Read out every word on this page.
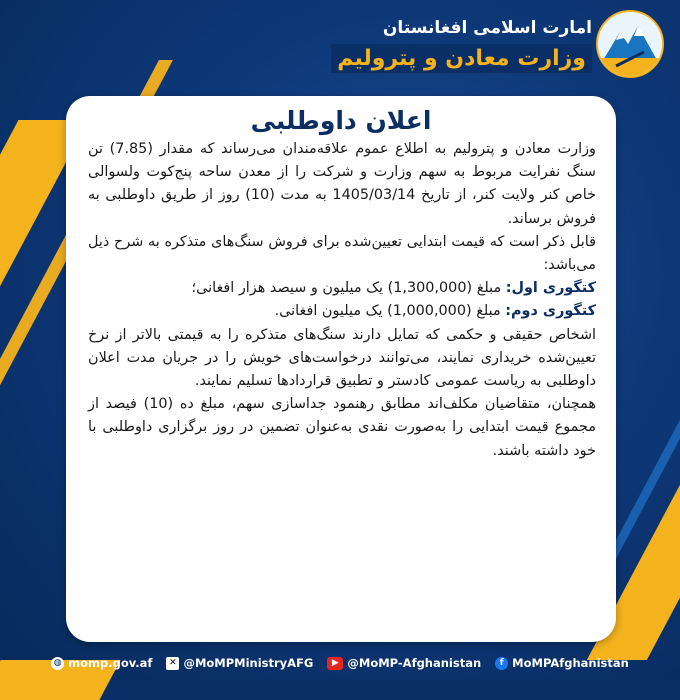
امارت اسلامی افغانستان
وزارت معادن و پترولیم
اعلان داوطلبی

وزارت معادن و پترولیم به اطلاع عموم علاقه‌مندان می‌رساند که مقدار (7.85) تن سنگ نفرایت مربوط به سهم وزارت و شرکت را از معدن ساحه پنج‌کوت ولسوالی خاص کنر ولایت کنر، از تاریخ 1405/03/14 به مدت (10) روز از طریق داوطلبی به فروش برساند.

قابل ذکر است که قیمت ابتدایی تعیین‌شده برای فروش سنگ‌های متذکره به شرح ذیل می‌باشد:

کتگوری اول: مبلغ (1,300,000) یک میلیون و سیصد هزار افغانی؛

کتگوری دوم: مبلغ (1,000,000) یک میلیون افغانی.

اشخاص حقیقی و حکمی که تمایل دارند سنگ‌های متذکره را به قیمتی بالاتر از نرخ تعیین‌شده خریداری نمایند، می‌توانند درخواست‌های خویش را در جریان مدت اعلان داوطلبی به ریاست عمومی کادستر و تطبیق قراردادها تسلیم نمایند.

همچنان، متقاضیان مکلف‌اند مطابق رهنمود جداسازی سهم، مبلغ ده (10) فیصد از مجموع قیمت ابتدایی را به‌صورت نقدی به‌عنوان تضمین در روز برگزاری داوطلبی با خود داشته باشند.

◍ momp.gov.af	✕ @MoMPMinistryAFG	▶ @MoMP-Afghanistan	f MoMPAfghanistan
